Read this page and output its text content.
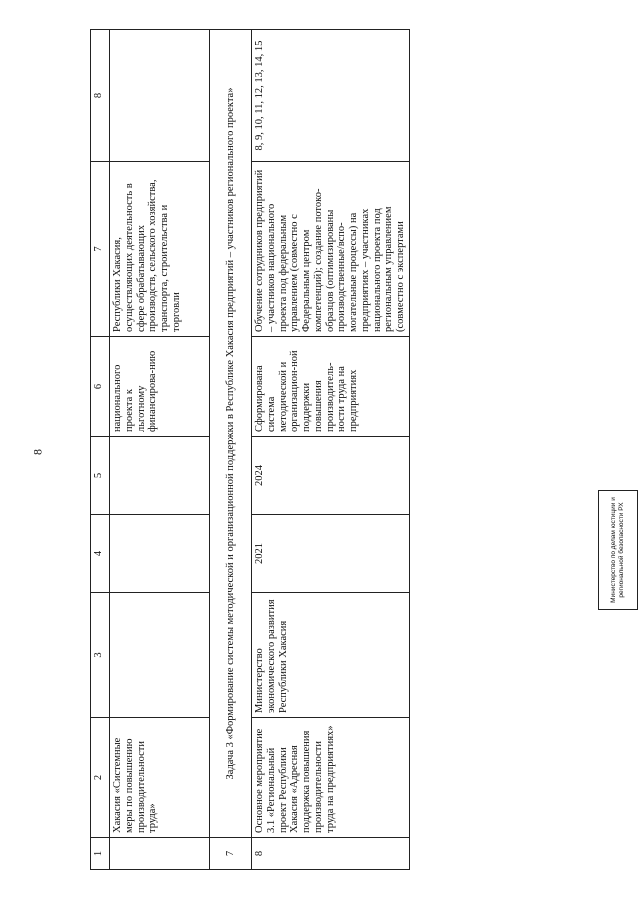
8
1	2	3	4	5	6	7	8
	Хакасия «Системные меры по повышению производительности труда»				национального проекта к льготному финансирова-нию	Республики Хакасия, осуществляющих деятельность в сфере обрабатывающих производств, сельского хозяйства, транспорта, строительства и торговли	
7	Задача 3 «Формирование системы методической и организационной поддержки в Республике Хакасия предприятий – участников регионального проекта»						
8	Основное мероприятие 3.1 «Региональный проект Республики Хакасия «Адресная поддержка повышения производительности труда на предприятиях»	Министерство экономического развития Республики Хакасия	2021	2024	Сформирована система методической и организацион-ной поддержки повышения производитель-ности труда на предприятиях	Обучение сотрудников предприятий – участников национального проекта под федеральным управлением (совместно с Федеральным центром компетенций); создание потоко-образцов (оптимизированы производственные/вспо-могательные процессы) на предприятиях – участниках национального проекта под региональным управлением (совместно с экспертами	8, 9, 10, 11, 12, 13, 14, 15
Министерство по делам юстиции и региональной безопасности РХ
